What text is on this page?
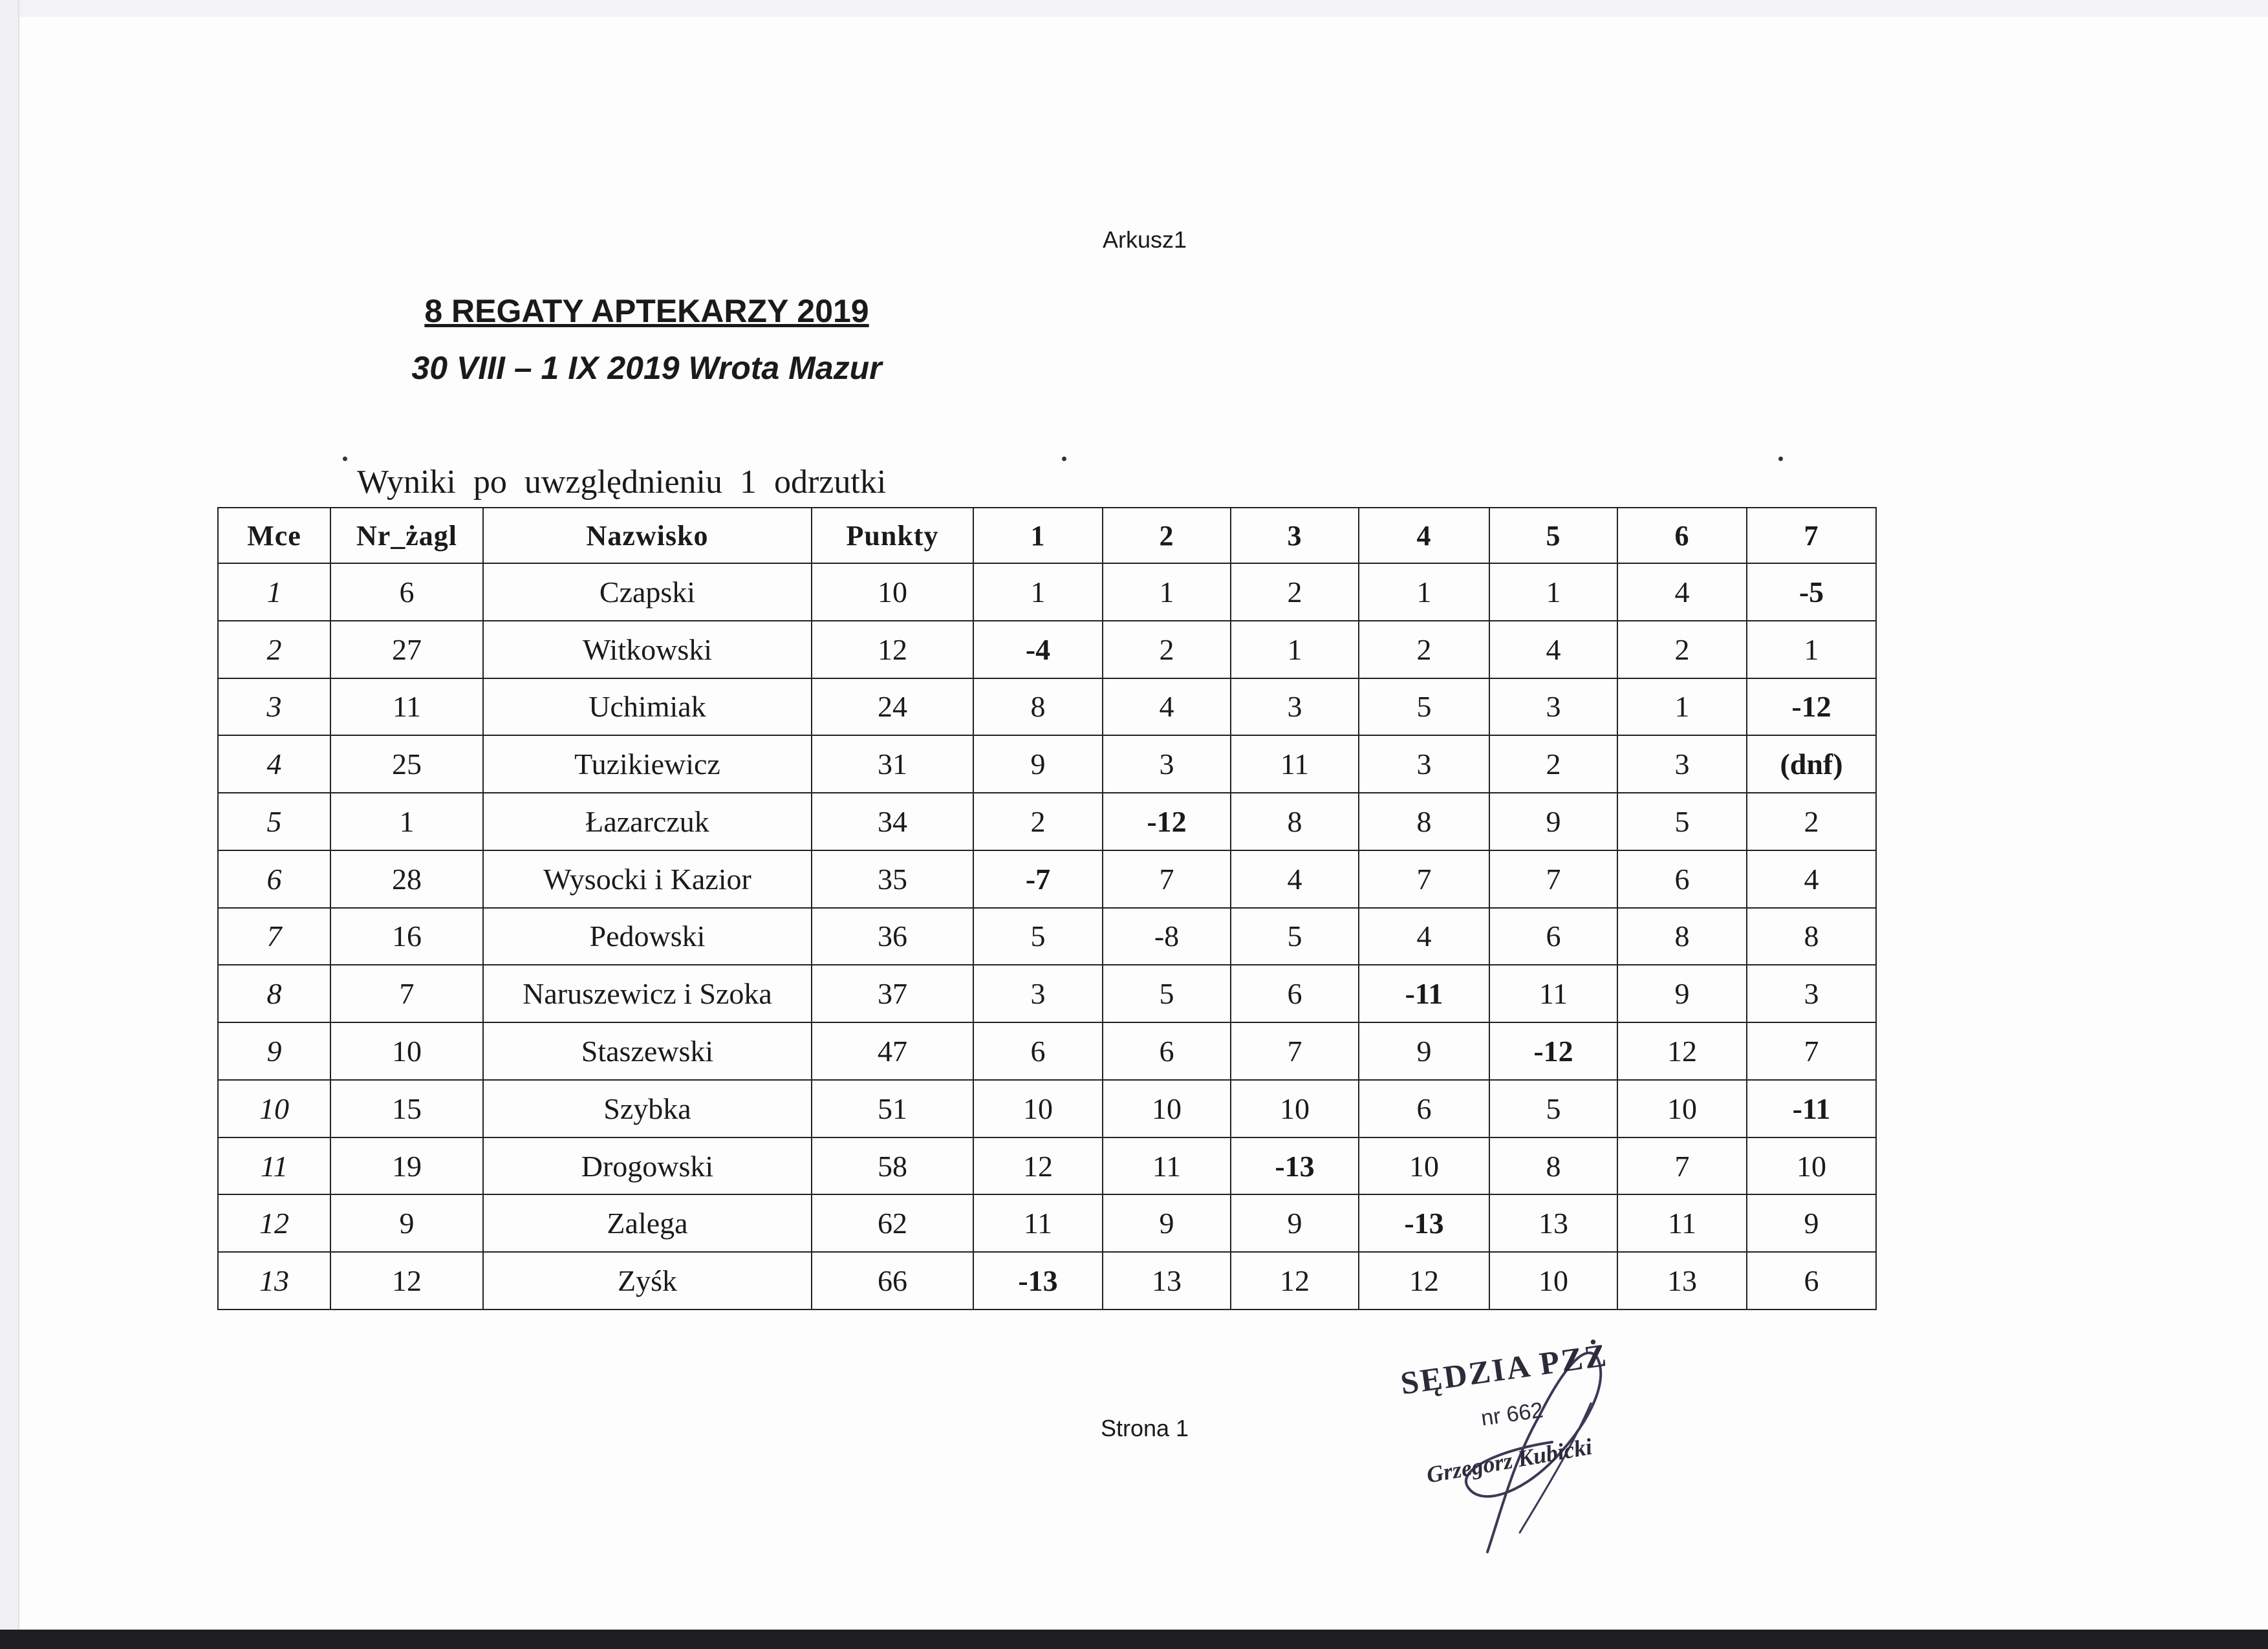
Arkusz1
8 REGATY APTEKARZY 2019
30 VIII – 1 IX 2019 Wrota Mazur
Wyniki po uwzględnieniu 1 odrzutki
Mce	Nr_żagl	Nazwisko	Punkty	1	2	3	4	5	6	7
1	6	Czapski	10	1	1	2	1	1	4	-5
2	27	Witkowski	12	-4	2	1	2	4	2	1
3	11	Uchimiak	24	8	4	3	5	3	1	-12
4	25	Tuzikiewicz	31	9	3	11	3	2	3	(dnf)
5	1	Łazarczuk	34	2	-12	8	8	9	5	2
6	28	Wysocki i Kazior	35	-7	7	4	7	7	6	4
7	16	Pedowski	36	5	-8	5	4	6	8	8
8	7	Naruszewicz i Szoka	37	3	5	6	-11	11	9	3
9	10	Staszewski	47	6	6	7	9	-12	12	7
10	15	Szybka	51	10	10	10	6	5	10	-11
11	19	Drogowski	58	12	11	-13	10	8	7	10
12	9	Zalega	62	11	9	9	-13	13	11	9
13	12	Zyśk	66	-13	13	12	12	10	13	6
Strona 1
SĘDZIA PZŻ
nr 662
Grzegorz Kubicki
